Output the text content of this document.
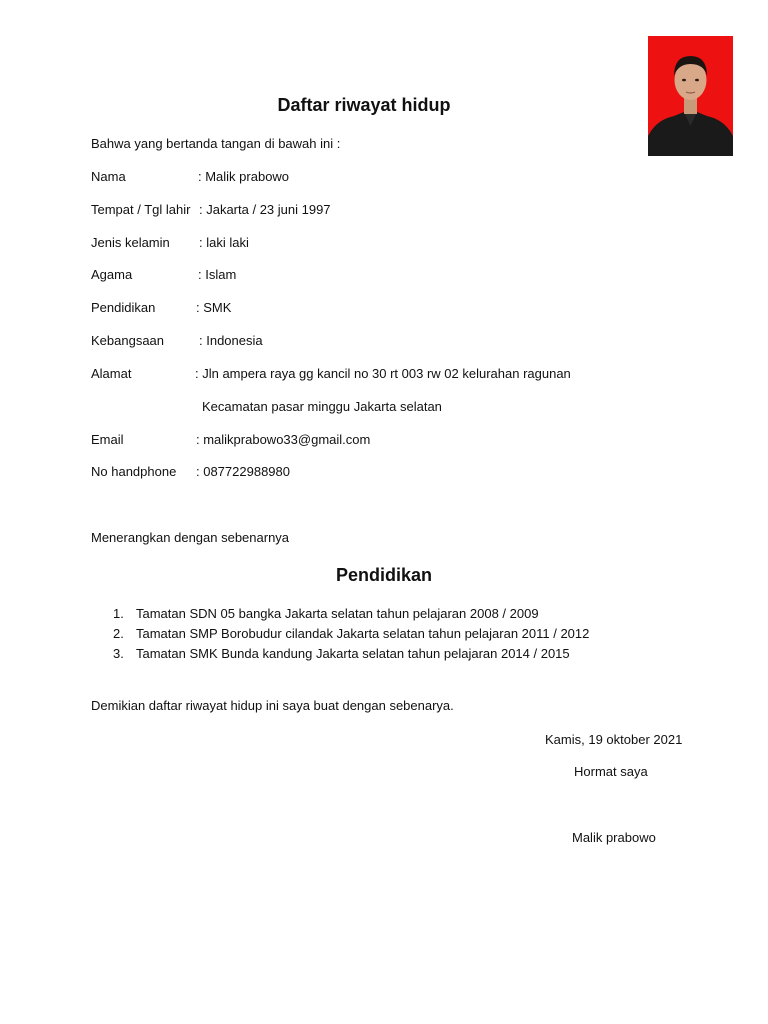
Daftar riwayat hidup
Bahwa yang bertanda tangan di bawah ini :
Nama	: Malik prabowo
Tempat / Tgl lahir : Jakarta / 23 juni 1997
Jenis kelamin : laki laki
Agama	: Islam
Pendidikan	: SMK
Kebangsaan	: Indonesia
Alamat	: Jln ampera raya gg kancil no 30 rt 003 rw 02 kelurahan ragunan
Kecamatan pasar minggu Jakarta selatan
Email	: malikprabowo33@gmail.com
No handphone : 087722988980
Menerangkan dengan sebenarnya
Pendidikan
1. Tamatan SDN 05 bangka Jakarta selatan tahun pelajaran 2008 / 2009
2. Tamatan SMP Borobudur cilandak Jakarta selatan tahun pelajaran 2011 / 2012
3. Tamatan SMK Bunda kandung Jakarta selatan tahun pelajaran 2014 / 2015
Demikian daftar riwayat hidup ini saya buat dengan sebenarya.
Kamis, 19 oktober 2021
Hormat saya
Malik prabowo
